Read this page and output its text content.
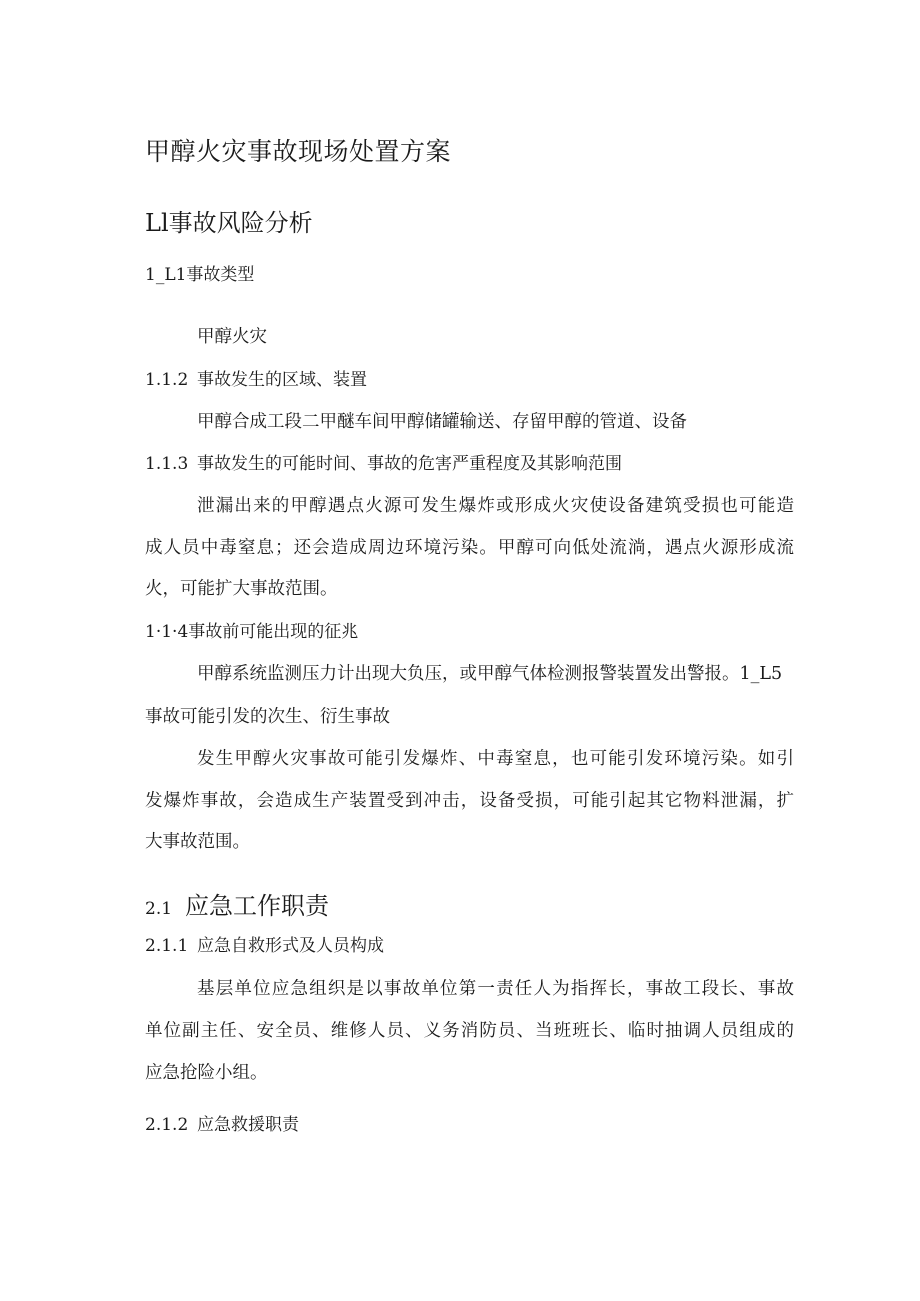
甲醇火灾事故现场处置方案
Ll事故风险分析
1_L1事故类型
甲醇火灾
1.1.2 事故发生的区域、装置
甲醇合成工段二甲醚车间甲醇储罐输送、存留甲醇的管道、设备
1.1.3 事故发生的可能时间、事故的危害严重程度及其影响范围
泄漏出来的甲醇遇点火源可发生爆炸或形成火灾使设备建筑受损也可能造
成人员中毒窒息；还会造成周边环境污染。甲醇可向低处流淌，遇点火源形成流
火，可能扩大事故范围。
1·1·4事故前可能出现的征兆
甲醇系统监测压力计出现大负压，或甲醇气体检测报警装置发出警报。1_L5
事故可能引发的次生、衍生事故
发生甲醇火灾事故可能引发爆炸、中毒窒息，也可能引发环境污染。如引
发爆炸事故，会造成生产装置受到冲击，设备受损，可能引起其它物料泄漏，扩
大事故范围。
2.1 应急工作职责
2.1.1 应急自救形式及人员构成
基层单位应急组织是以事故单位第一责任人为指挥长，事故工段长、事故
单位副主任、安全员、维修人员、义务消防员、当班班长、临时抽调人员组成的
应急抢险小组。
2.1.2 应急救援职责
